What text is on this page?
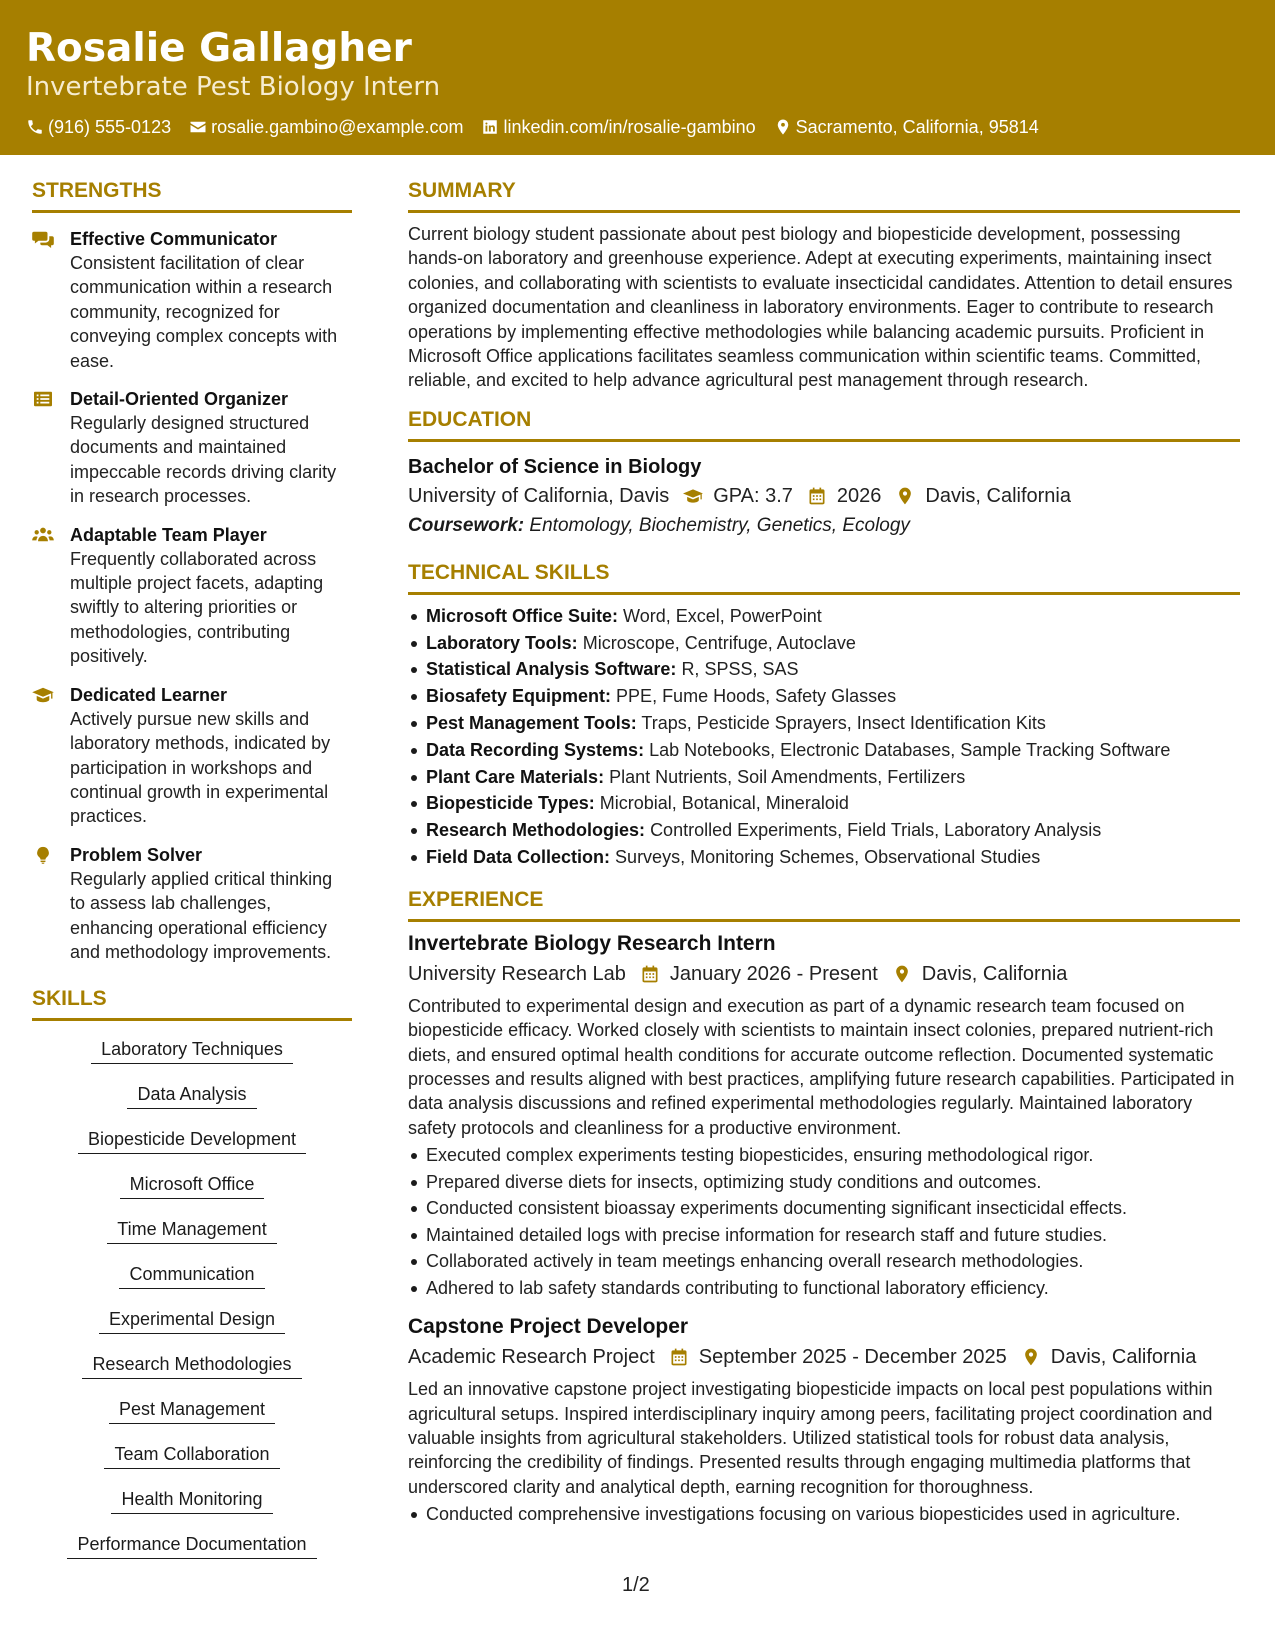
Rosalie Gallagher
Invertebrate Pest Biology Intern
(916) 555-0123 rosalie.gambino@example.com linkedin.com/in/rosalie-gambino Sacramento, California, 95814
STRENGTHS
Effective Communicator
Consistent facilitation of clear communication within a research community, recognized for conveying complex concepts with ease.
Detail-Oriented Organizer
Regularly designed structured documents and maintained impeccable records driving clarity in research processes.
Adaptable Team Player
Frequently collaborated across multiple project facets, adapting swiftly to altering priorities or methodologies, contributing positively.
Dedicated Learner
Actively pursue new skills and laboratory methods, indicated by participation in workshops and continual growth in experimental practices.
Problem Solver
Regularly applied critical thinking to assess lab challenges, enhancing operational efficiency and methodology improvements.
SKILLS
Laboratory Techniques
Data Analysis
Biopesticide Development
Microsoft Office
Time Management
Communication
Experimental Design
Research Methodologies
Pest Management
Team Collaboration
Health Monitoring
Performance Documentation
SUMMARY
Current biology student passionate about pest biology and biopesticide development, possessing hands-on laboratory and greenhouse experience. Adept at executing experiments, maintaining insect colonies, and collaborating with scientists to evaluate insecticidal candidates. Attention to detail ensures organized documentation and cleanliness in laboratory environments. Eager to contribute to research operations by implementing effective methodologies while balancing academic pursuits. Proficient in Microsoft Office applications facilitates seamless communication within scientific teams. Committed, reliable, and excited to help advance agricultural pest management through research.
EDUCATION
Bachelor of Science in Biology
University of California, Davis GPA: 3.7 2026 Davis, California
Coursework: Entomology, Biochemistry, Genetics, Ecology
TECHNICAL SKILLS
Microsoft Office Suite: Word, Excel, PowerPoint
Laboratory Tools: Microscope, Centrifuge, Autoclave
Statistical Analysis Software: R, SPSS, SAS
Biosafety Equipment: PPE, Fume Hoods, Safety Glasses
Pest Management Tools: Traps, Pesticide Sprayers, Insect Identification Kits
Data Recording Systems: Lab Notebooks, Electronic Databases, Sample Tracking Software
Plant Care Materials: Plant Nutrients, Soil Amendments, Fertilizers
Biopesticide Types: Microbial, Botanical, Mineraloid
Research Methodologies: Controlled Experiments, Field Trials, Laboratory Analysis
Field Data Collection: Surveys, Monitoring Schemes, Observational Studies
EXPERIENCE
Invertebrate Biology Research Intern
University Research Lab January 2026 - Present Davis, California
Contributed to experimental design and execution as part of a dynamic research team focused on biopesticide efficacy. Worked closely with scientists to maintain insect colonies, prepared nutrient-rich diets, and ensured optimal health conditions for accurate outcome reflection. Documented systematic processes and results aligned with best practices, amplifying future research capabilities. Participated in data analysis discussions and refined experimental methodologies regularly. Maintained laboratory safety protocols and cleanliness for a productive environment.
Executed complex experiments testing biopesticides, ensuring methodological rigor.
Prepared diverse diets for insects, optimizing study conditions and outcomes.
Conducted consistent bioassay experiments documenting significant insecticidal effects.
Maintained detailed logs with precise information for research staff and future studies.
Collaborated actively in team meetings enhancing overall research methodologies.
Adhered to lab safety standards contributing to functional laboratory efficiency.
Capstone Project Developer
Academic Research Project September 2025 - December 2025 Davis, California
Led an innovative capstone project investigating biopesticide impacts on local pest populations within agricultural setups. Inspired interdisciplinary inquiry among peers, facilitating project coordination and valuable insights from agricultural stakeholders. Utilized statistical tools for robust data analysis, reinforcing the credibility of findings. Presented results through engaging multimedia platforms that underscored clarity and analytical depth, earning recognition for thoroughness.
Conducted comprehensive investigations focusing on various biopesticides used in agriculture.
1/2
